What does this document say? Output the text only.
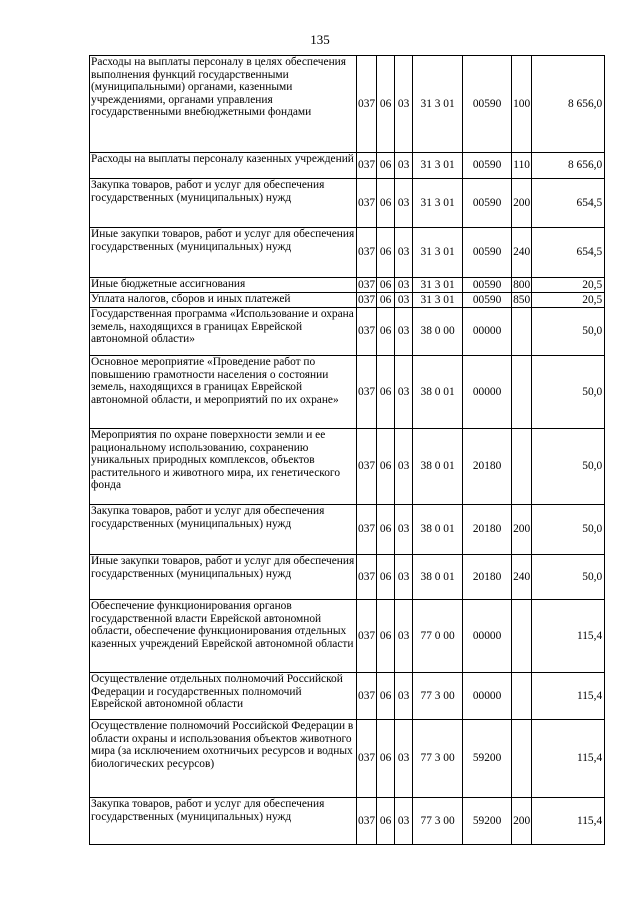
135
Расходы на выплаты персоналу в целях обеспечения выполнения функций государственными (муниципальными) органами, казенными учреждениями, органами управления государственными внебюджетными фондами	037	06	03	31 3 01	00590	100	8 656,0
Расходы на выплаты персоналу казенных учреждений	037	06	03	31 3 01	00590	110	8 656,0
Закупка товаров, работ и услуг для обеспечения государственных (муниципальных) нужд	037	06	03	31 3 01	00590	200	654,5
Иные закупки товаров, работ и услуг для обеспечения государственных (муниципальных) нужд	037	06	03	31 3 01	00590	240	654,5
Иные бюджетные ассигнования	037	06	03	31 3 01	00590	800	20,5
Уплата налогов, сборов и иных платежей	037	06	03	31 3 01	00590	850	20,5
Государственная программа «Использование и охрана земель, находящихся в границах Еврейской автономной области»	037	06	03	38 0 00	00000		50,0
Основное мероприятие «Проведение работ по повышению грамотности населения о состоянии земель, находящихся в границах Еврейской автономной области, и мероприятий по их охране»	037	06	03	38 0 01	00000		50,0
Мероприятия по охране поверхности земли и ее рациональному использованию, сохранению уникальных природных комплексов, объектов растительного и животного мира, их генетического фонда	037	06	03	38 0 01	20180		50,0
Закупка товаров, работ и услуг для обеспечения государственных (муниципальных) нужд	037	06	03	38 0 01	20180	200	50,0
Иные закупки товаров, работ и услуг для обеспечения государственных (муниципальных) нужд	037	06	03	38 0 01	20180	240	50,0
Обеспечение функционирования органов государственной власти Еврейской автономной области, обеспечение функционирования отдельных казенных учреждений Еврейской автономной области	037	06	03	77 0 00	00000		115,4
Осуществление отдельных полномочий Российской Федерации и государственных полномочий Еврейской автономной области	037	06	03	77 3 00	00000		115,4
Осуществление полномочий Российской Федерации в области охраны и использования объектов животного мира (за исключением охотничьих ресурсов и водных биологических ресурсов)	037	06	03	77 3 00	59200		115,4
Закупка товаров, работ и услуг для обеспечения государственных (муниципальных) нужд	037	06	03	77 3 00	59200	200	115,4
